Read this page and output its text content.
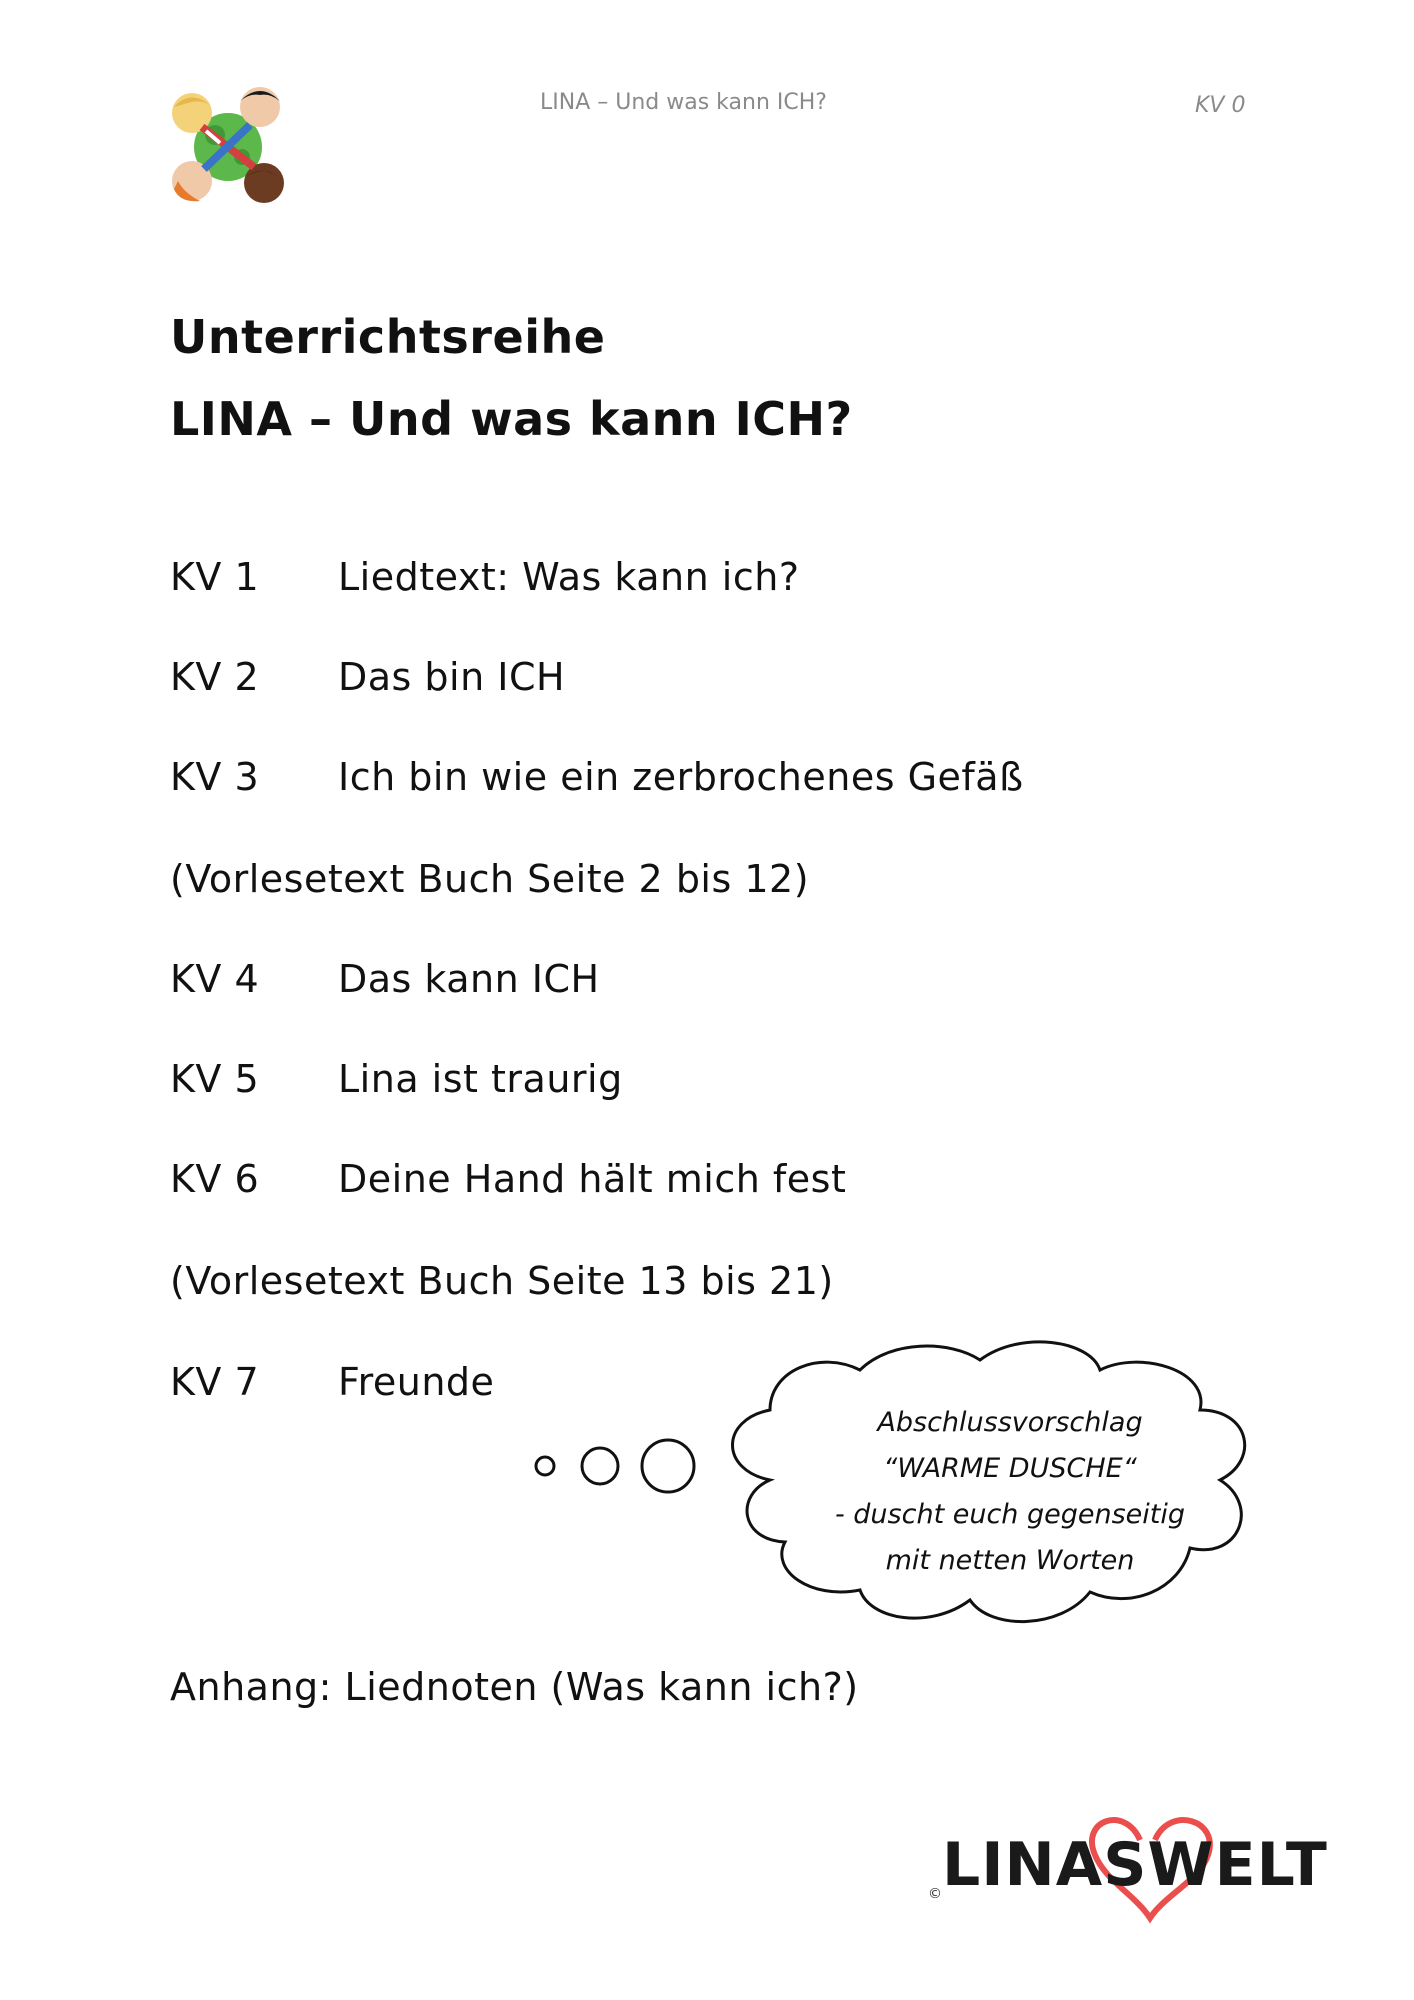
LINA – Und was kann ICH?	KV 0
Unterrichtsreihe
LINA – Und was kann ICH?
KV 1 Liedtext: Was kann ich?
KV 2 Das bin ICH
KV 3 Ich bin wie ein zerbrochenes Gefäß
(Vorlesetext Buch Seite 2 bis 12)
KV 4 Das kann ICH
KV 5 Lina ist traurig
KV 6 Deine Hand hält mich fest
(Vorlesetext Buch Seite 13 bis 21)
KV 7 Freunde
Abschlussvorschlag
“WARME DUSCHE“
- duscht euch gegenseitig
mit netten Worten
Anhang: Liednoten (Was kann ich?)
LINASWELT
©
